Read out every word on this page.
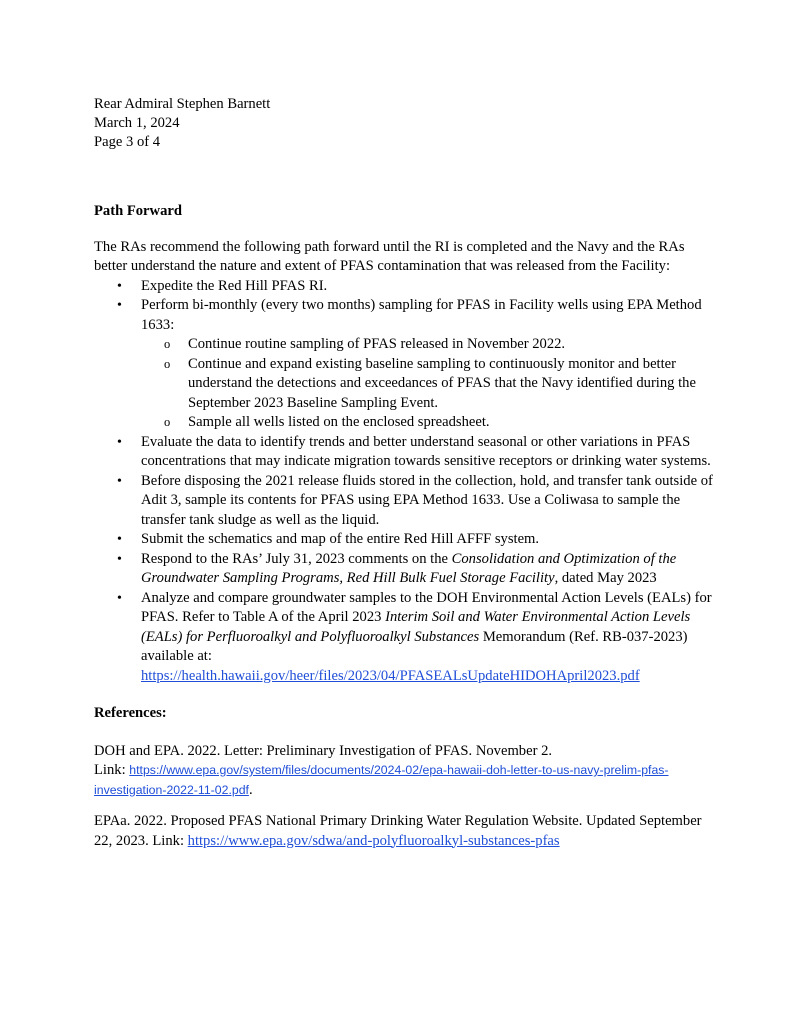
Rear Admiral Stephen Barnett
March 1, 2024
Page 3 of 4
Path Forward
The RAs recommend the following path forward until the RI is completed and the Navy and the RAs better understand the nature and extent of PFAS contamination that was released from the Facility:
• Expedite the Red Hill PFAS RI.
• Perform bi-monthly (every two months) sampling for PFAS in Facility wells using EPA Method 1633:
o Continue routine sampling of PFAS released in November 2022.
o Continue and expand existing baseline sampling to continuously monitor and better understand the detections and exceedances of PFAS that the Navy identified during the September 2023 Baseline Sampling Event.
o Sample all wells listed on the enclosed spreadsheet.
• Evaluate the data to identify trends and better understand seasonal or other variations in PFAS concentrations that may indicate migration towards sensitive receptors or drinking water systems.
• Before disposing the 2021 release fluids stored in the collection, hold, and transfer tank outside of Adit 3, sample its contents for PFAS using EPA Method 1633. Use a Coliwasa to sample the transfer tank sludge as well as the liquid.
• Submit the schematics and map of the entire Red Hill AFFF system.
• Respond to the RAs’ July 31, 2023 comments on the Consolidation and Optimization of the Groundwater Sampling Programs, Red Hill Bulk Fuel Storage Facility, dated May 2023
• Analyze and compare groundwater samples to the DOH Environmental Action Levels (EALs) for PFAS. Refer to Table A of the April 2023 Interim Soil and Water Environmental Action Levels (EALs) for Perfluoroalkyl and Polyfluoroalkyl Substances Memorandum (Ref. RB-037-2023) available at:
https://health.hawaii.gov/heer/files/2023/04/PFASEALsUpdateHIDOHApril2023.pdf
References:
DOH and EPA. 2022. Letter: Preliminary Investigation of PFAS. November 2.
Link: https://www.epa.gov/system/files/documents/2024-02/epa-hawaii-doh-letter-to-us-navy-prelim-pfas-investigation-2022-11-02.pdf.
EPAa. 2022. Proposed PFAS National Primary Drinking Water Regulation Website. Updated September 22, 2023. Link: https://www.epa.gov/sdwa/and-polyfluoroalkyl-substances-pfas
